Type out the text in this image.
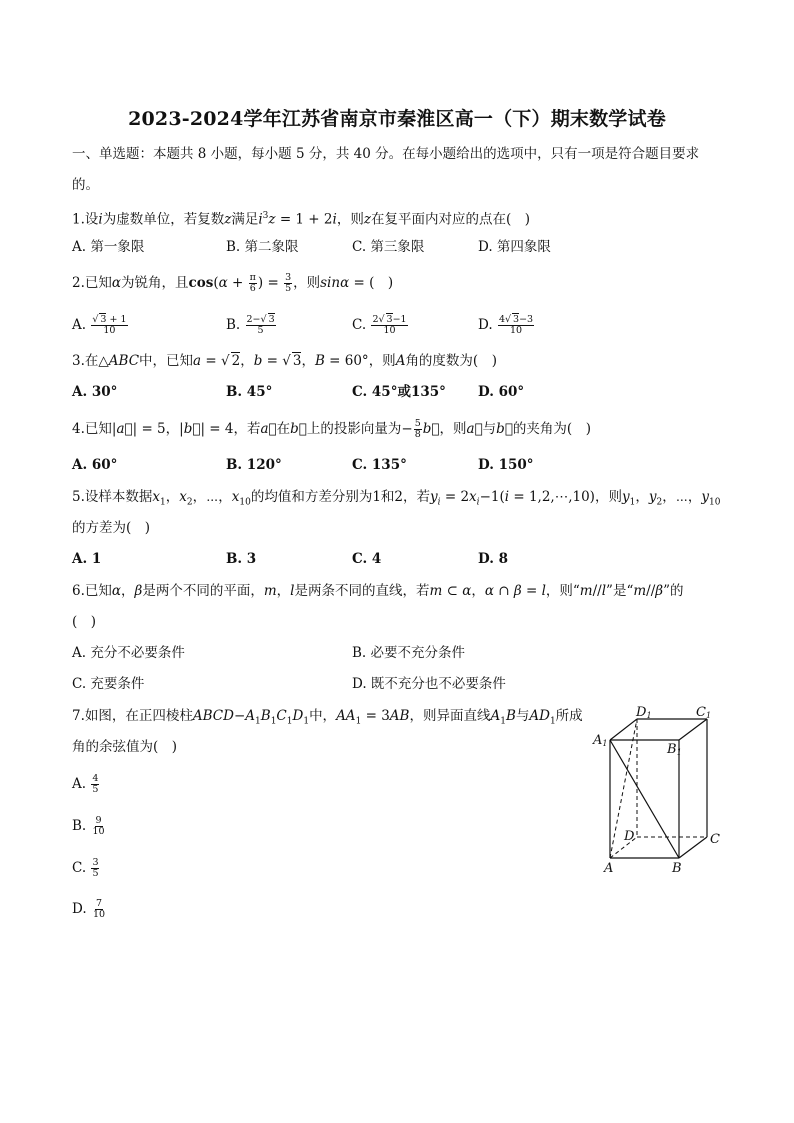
2023-2024学年江苏省南京市秦淮区高一（下）期末数学试卷
一、单选题：本题共 8 小题，每小题 5 分，共 40 分。在每小题给出的选项中，只有一项是符合题目要求
的。
1.设i为虚数单位，若复数z满足$i^3z = 1 + 2i$，则z在复平面内对应的点在(　)
A. 第一象限	B. 第二象限	C. 第三象限	D. 第四象限
2.已知α为锐角，且$\cos(\alpha + \frac{\pi}{6}$ ) = $\frac{3}{5}$ ，则sinα = (　)
A. $\frac{√ 3 + 1}{10}$	B. $\frac{2-√ 3}{5}$	C. $\frac{2√ 3-1}{10}$	D. $\frac{4√ 3-3}{10}$
3.在△ABC中，已知a = √ 2，b = √ 3，B = 60°，则A角的度数为(　)
A. 30°	B. 45°	C. 45°或135° D. 60°
4.已知|a⃗| = 5，|b⃗| = 4，若a⃗在b⃗上的投影向量为− $\frac{5}{8}$ b⃗，则a⃗与b⃗的夹角为(　)
A. 60°	B. 120°	C. 135°	D. 150°
5.设样本数据$x_1$，$x_2$，⋯，$x_{10}$的均值和方差分别为1和2，若$y_i = 2x_i-1(i$ = 1,2,⋯,10)，则$y_1$，$y_2$，⋯，$y_{10}$
的方差为(　)
A. 1	B. 3	C. 4	D. 8
6.已知α，β是两个不同的平面，m，l是两条不同的直线，若m ⊂ α，α ∩ β = l，则“m//l”是“m//β”的
(　)
A. 充分不必要条件	B. 必要不充分条件
C. 充要条件	D. 既不充分也不必要条件
7.如图，在正四棱柱$ABCD-A_1B_1C_1D_1$中，$AA_1 = 3AB$，则异面直线$A_1B$与$AD_1$所成
角的余弦值为(　)
A. $\frac{4}{5}$
B. $\frac{9}{10}$
C. $\frac{3}{5}$
D. $\frac{7}{10}$
D1	C1
A1	B1
D	C
A	B
